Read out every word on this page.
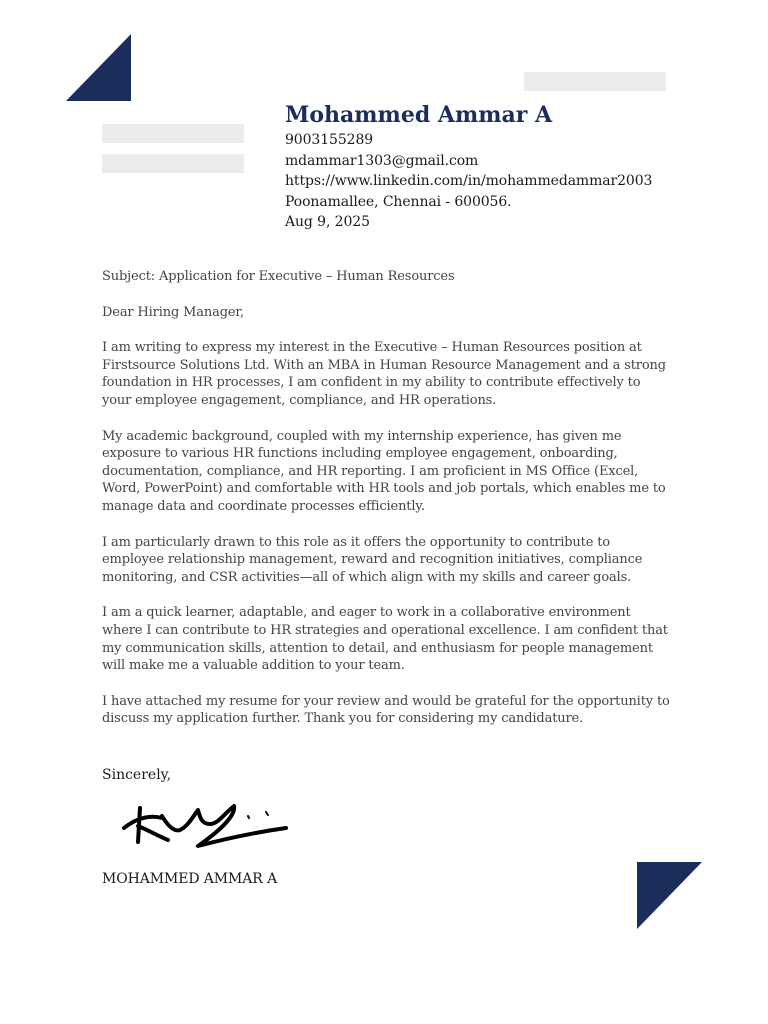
Mohammed Ammar A
9003155289
mdammar1303@gmail.com
https://www.linkedin.com/in/mohammedammar2003
Poonamallee, Chennai - 600056.
Aug 9, 2025

Subject: Application for Executive – Human Resources

Dear Hiring Manager,

I am writing to express my interest in the Executive – Human Resources position at Firstsource Solutions Ltd. With an MBA in Human Resource Management and a strong foundation in HR processes, I am confident in my ability to contribute effectively to your employee engagement, compliance, and HR operations.

My academic background, coupled with my internship experience, has given me exposure to various HR functions including employee engagement, onboarding, documentation, compliance, and HR reporting. I am proficient in MS Office (Excel, Word, PowerPoint) and comfortable with HR tools and job portals, which enables me to manage data and coordinate processes efficiently.

I am particularly drawn to this role as it offers the opportunity to contribute to employee relationship management, reward and recognition initiatives, compliance monitoring, and CSR activities—all of which align with my skills and career goals.

I am a quick learner, adaptable, and eager to work in a collaborative environment where I can contribute to HR strategies and operational excellence. I am confident that my communication skills, attention to detail, and enthusiasm for people management will make me a valuable addition to your team.

I have attached my resume for your review and would be grateful for the opportunity to discuss my application further. Thank you for considering my candidature.

Sincerely,
MOHAMMED AMMAR A
